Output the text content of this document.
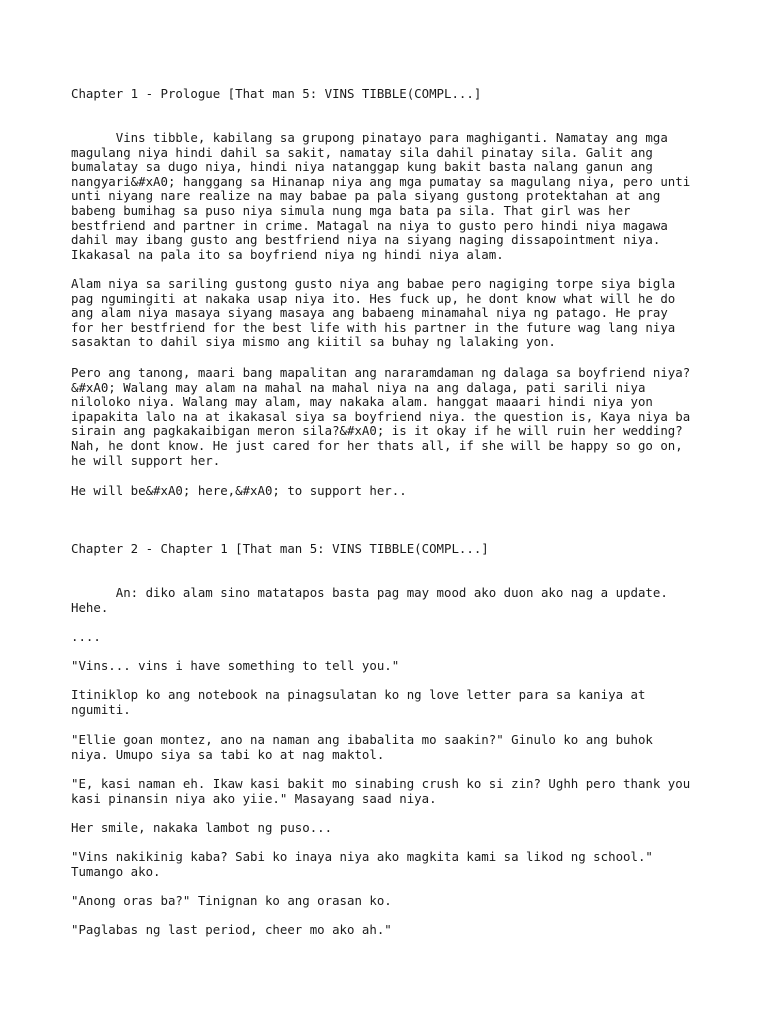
Chapter 1 - Prologue [That man 5: VINS TIBBLE(COMPL...]

Vins tibble, kabilang sa grupong pinatayo para maghiganti. Namatay ang mga
magulang niya hindi dahil sa sakit, namatay sila dahil pinatay sila. Galit ang
bumalatay sa dugo niya, hindi niya natanggap kung bakit basta nalang ganun ang
nangyari&#xA0; hanggang sa Hinanap niya ang mga pumatay sa magulang niya, pero unti
unti niyang nare realize na may babae pa pala siyang gustong protektahan at ang
babeng bumihag sa puso niya simula nung mga bata pa sila. That girl was her
bestfriend and partner in crime. Matagal na niya to gusto pero hindi niya magawa
dahil may ibang gusto ang bestfriend niya na siyang naging dissapointment niya.
Ikakasal na pala ito sa boyfriend niya ng hindi niya alam.

Alam niya sa sariling gustong gusto niya ang babae pero nagiging torpe siya bigla
pag ngumingiti at nakaka usap niya ito. Hes fuck up, he dont know what will he do
ang alam niya masaya siyang masaya ang babaeng minamahal niya ng patago. He pray
for her bestfriend for the best life with his partner in the future wag lang niya
sasaktan to dahil siya mismo ang kiitil sa buhay ng lalaking yon.

Pero ang tanong, maari bang mapalitan ang nararamdaman ng dalaga sa boyfriend niya?
&#xA0; Walang may alam na mahal na mahal niya na ang dalaga, pati sarili niya
niloloko niya. Walang may alam, may nakaka alam. hanggat maaari hindi niya yon
ipapakita lalo na at ikakasal siya sa boyfriend niya. the question is, Kaya niya ba
sirain ang pagkakaibigan meron sila?&#xA0; is it okay if he will ruin her wedding?
Nah, he dont know. He just cared for her thats all, if she will be happy so go on,
he will support her.

He will be&#xA0; here,&#xA0; to support her..

Chapter 2 - Chapter 1 [That man 5: VINS TIBBLE(COMPL...]

An: diko alam sino matatapos basta pag may mood ako duon ako nag a update.
Hehe.

....

"Vins... vins i have something to tell you."

Itiniklop ko ang notebook na pinagsulatan ko ng love letter para sa kaniya at
ngumiti.

"Ellie goan montez, ano na naman ang ibabalita mo saakin?" Ginulo ko ang buhok
niya. Umupo siya sa tabi ko at nag maktol.

"E, kasi naman eh. Ikaw kasi bakit mo sinabing crush ko si zin? Ughh pero thank you
kasi pinansin niya ako yiie." Masayang saad niya.

Her smile, nakaka lambot ng puso...

"Vins nakikinig kaba? Sabi ko inaya niya ako magkita kami sa likod ng school."
Tumango ako.

"Anong oras ba?" Tinignan ko ang orasan ko.

"Paglabas ng last period, cheer mo ako ah."
